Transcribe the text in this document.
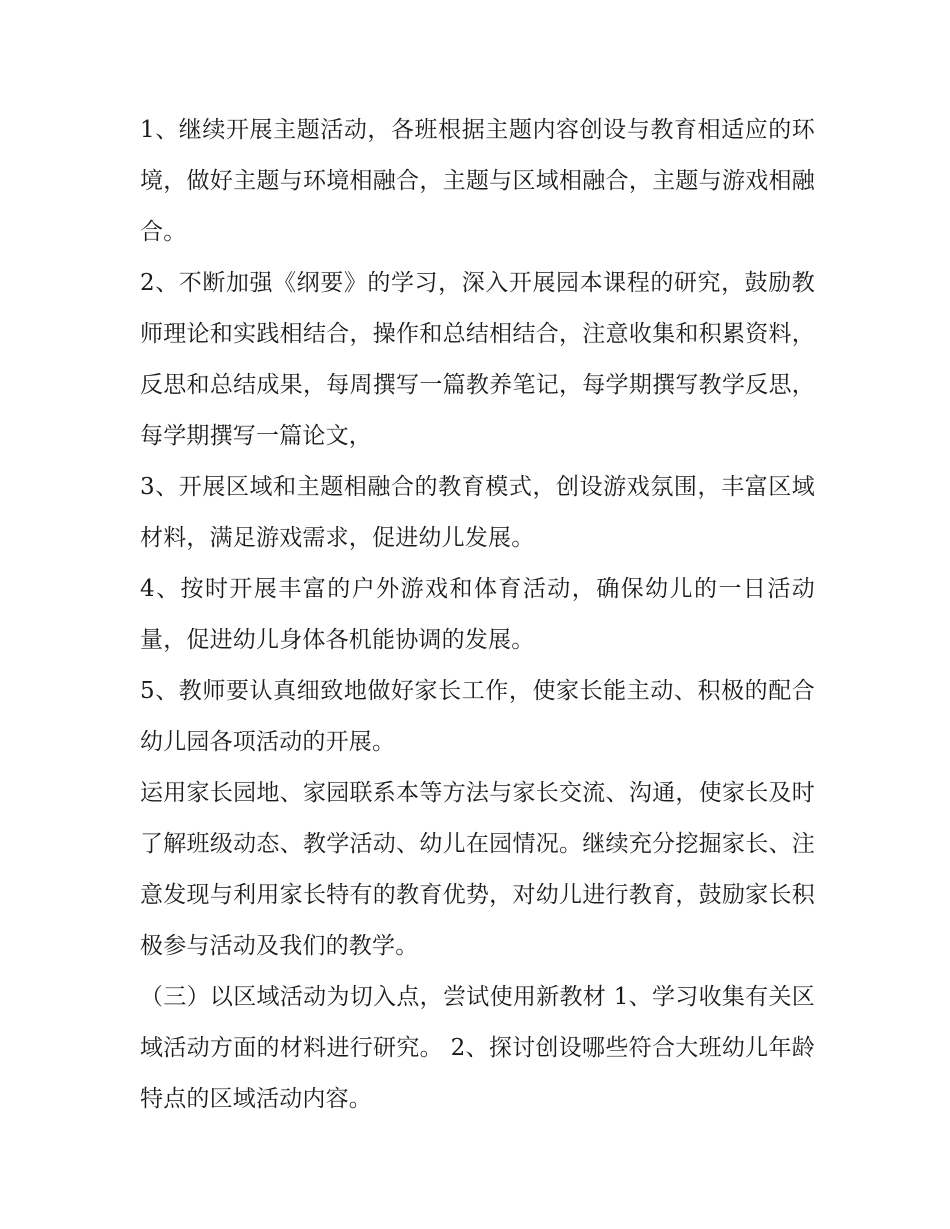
1、继续开展主题活动，各班根据主题内容创设与教育相适应的环境，做好主题与环境相融合，主题与区域相融合，主题与游戏相融合。

2、不断加强《纲要》的学习，深入开展园本课程的研究，鼓励教师理论和实践相结合，操作和总结相结合，注意收集和积累资料，反思和总结成果，每周撰写一篇教养笔记，每学期撰写教学反思，每学期撰写一篇论文，

3、开展区域和主题相融合的教育模式，创设游戏氛围，丰富区域材料，满足游戏需求，促进幼儿发展。

4、按时开展丰富的户外游戏和体育活动，确保幼儿的一日活动量，促进幼儿身体各机能协调的发展。

5、教师要认真细致地做好家长工作，使家长能主动、积极的配合幼儿园各项活动的开展。

运用家长园地、家园联系本等方法与家长交流、沟通，使家长及时了解班级动态、教学活动、幼儿在园情况。继续充分挖掘家长、注意发现与利用家长特有的教育优势，对幼儿进行教育，鼓励家长积极参与活动及我们的教学。

（三）以区域活动为切入点，尝试使用新教材 1、学习收集有关区域活动方面的材料进行研究。 2、探讨创设哪些符合大班幼儿年龄特点的区域活动内容。
